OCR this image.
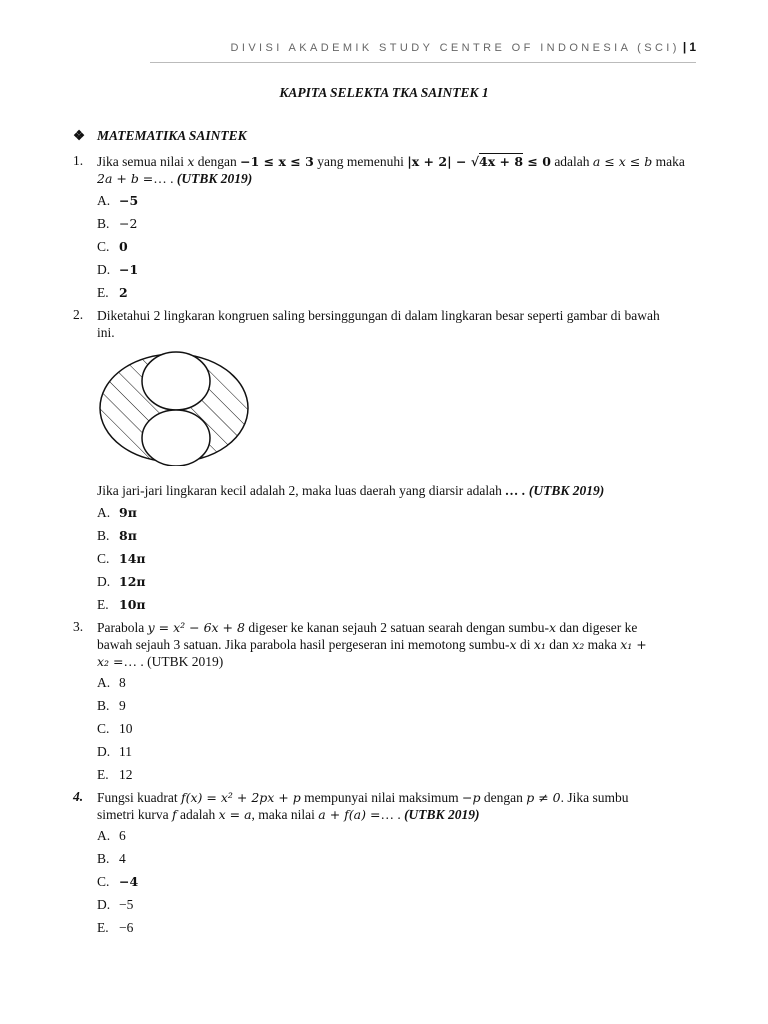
DIVISI AKADEMIK STUDY CENTRE OF INDONESIA (SCI) | 1
KAPITA SELEKTA TKA SAINTEK 1
❖ MATEMATIKA SAINTEK
1. Jika semua nilai x dengan −1 ≤ x ≤ 3 yang memenuhi |x + 2| − √4x + 8 ≤ 0 adalah a ≤ x ≤ b maka
2a + b =… . (UTBK 2019)
A. −5
B. −2
C. 0
D. −1
E. 2
2. Diketahui 2 lingkaran kongruen saling bersinggungan di dalam lingkaran besar seperti gambar di bawah
ini.
Jika jari-jari lingkaran kecil adalah 2, maka luas daerah yang diarsir adalah … . (UTBK 2019)
A. 9π
B. 8π
C. 14π
D. 12π
E. 10π
3. Parabola y = x² − 6x + 8 digeser ke kanan sejauh 2 satuan searah dengan sumbu-x dan digeser ke
bawah sejauh 3 satuan. Jika parabola hasil pergeseran ini memotong sumbu-x di x₁ dan x₂ maka x₁ +
x₂ =… . (UTBK 2019)
A. 8
B. 9
C. 10
D. 11
E. 12
4. Fungsi kuadrat f(x) = x² + 2px + p mempunyai nilai maksimum −p dengan p ≠ 0. Jika sumbu
simetri kurva f adalah x = a, maka nilai a + f(a) =… . (UTBK 2019)
A. 6
B. 4
C. −4
D. −5
E. −6
